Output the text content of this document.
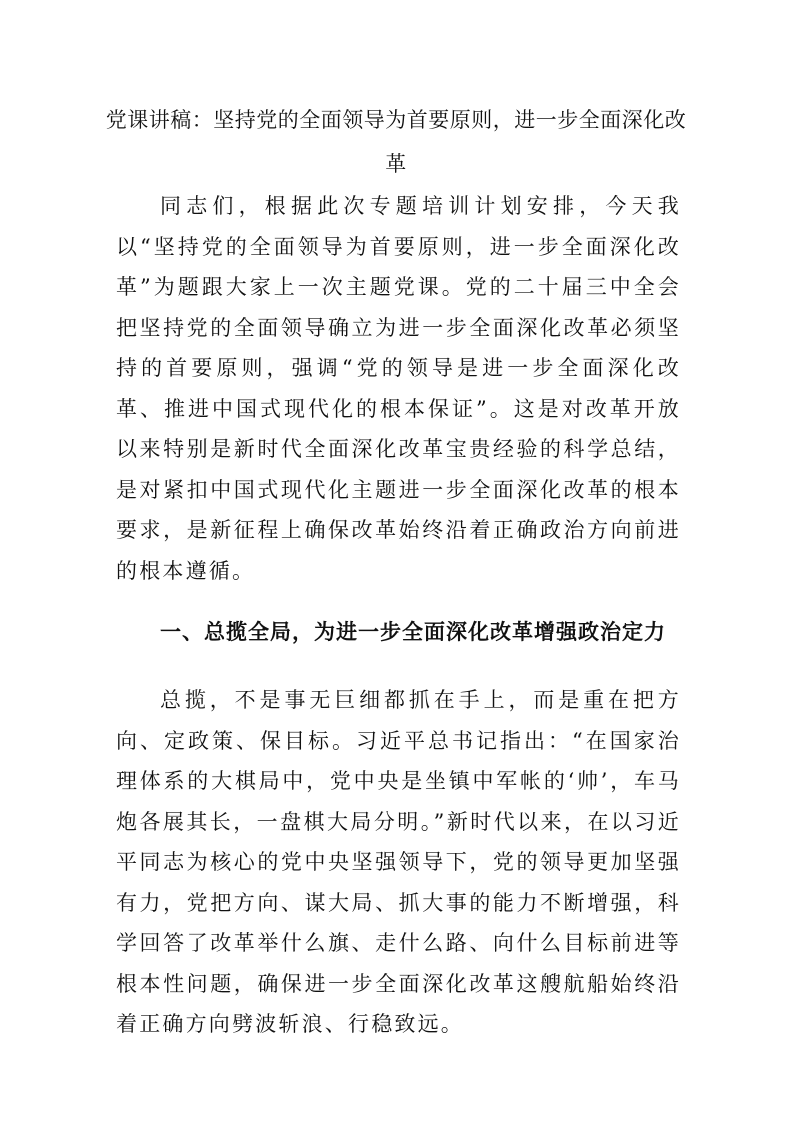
党课讲稿：坚持党的全面领导为首要原则，进一步全面深化改革

同志们，根据此次专题培训计划安排，今天我以“坚持党的全面领导为首要原则，进一步全面深化改革”为题跟大家上一次主题党课。党的二十届三中全会把坚持党的全面领导确立为进一步全面深化改革必须坚持的首要原则，强调“党的领导是进一步全面深化改革、推进中国式现代化的根本保证”。这是对改革开放以来特别是新时代全面深化改革宝贵经验的科学总结，是对紧扣中国式现代化主题进一步全面深化改革的根本要求，是新征程上确保改革始终沿着正确政治方向前进的根本遵循。

一、总揽全局，为进一步全面深化改革增强政治定力

总揽，不是事无巨细都抓在手上，而是重在把方向、定政策、保目标。习近平总书记指出：“在国家治理体系的大棋局中，党中央是坐镇中军帐的‘帅’，车马炮各展其长，一盘棋大局分明。”新时代以来，在以习近平同志为核心的党中央坚强领导下，党的领导更加坚强有力，党把方向、谋大局、抓大事的能力不断增强，科学回答了改革举什么旗、走什么路、向什么目标前进等根本性问题，确保进一步全面深化改革这艘航船始终沿着正确方向劈波斩浪、行稳致远。
